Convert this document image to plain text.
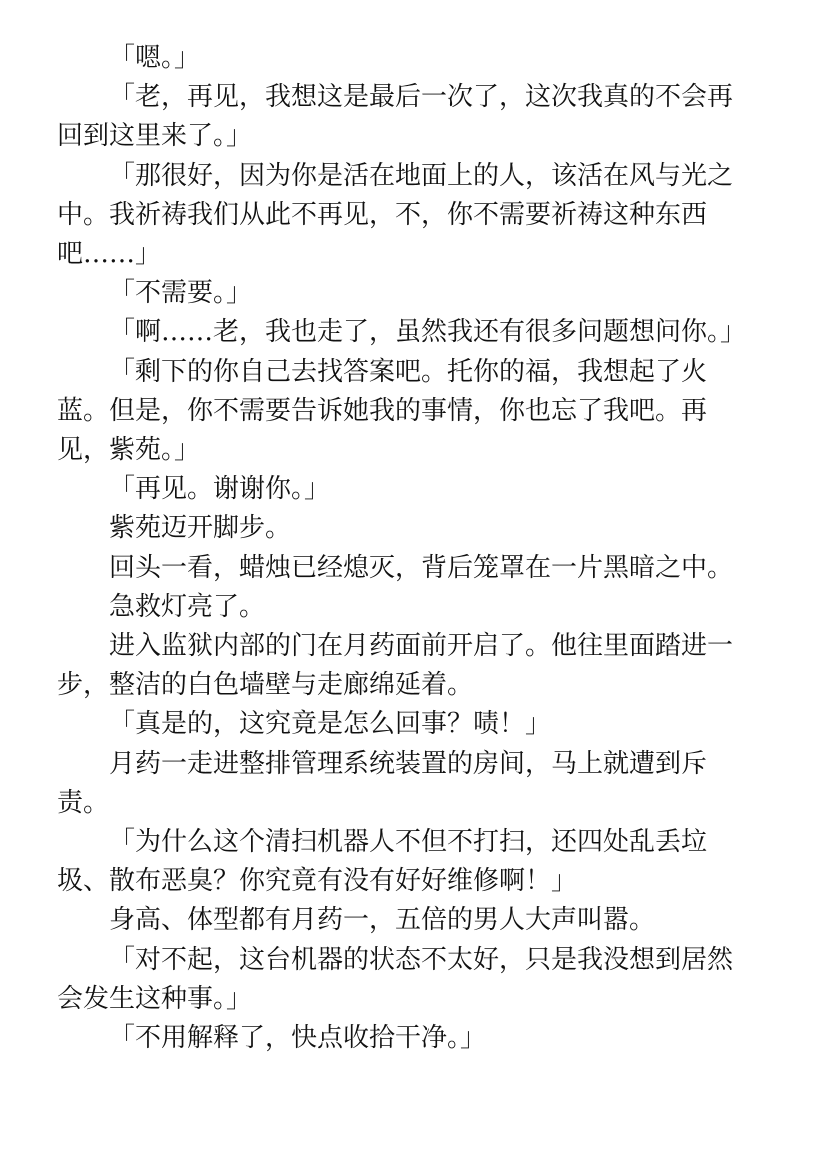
「嗯。」

「老，再见，我想这是最后一次了，这次我真的不会再回到这里来了。」

「那很好，因为你是活在地面上的人，该活在风与光之中。我祈祷我们从此不再见，不，你不需要祈祷这种东西吧……」

「不需要。」

「啊……老，我也走了，虽然我还有很多问题想问你。」

「剩下的你自己去找答案吧。托你的福，我想起了火蓝。但是，你不需要告诉她我的事情，你也忘了我吧。再见，紫苑。」

「再见。谢谢你。」

紫苑迈开脚步。

回头一看，蜡烛已经熄灭，背后笼罩在一片黑暗之中。

急救灯亮了。

进入监狱内部的门在月药面前开启了。他往里面踏进一步，整洁的白色墙壁与走廊绵延着。

「真是的，这究竟是怎么回事？啧！」

月药一走进整排管理系统装置的房间，马上就遭到斥责。

「为什么这个清扫机器人不但不打扫，还四处乱丢垃圾、散布恶臭？你究竟有没有好好维修啊！」

身高、体型都有月药一，五倍的男人大声叫嚣。

「对不起，这台机器的状态不太好，只是我没想到居然会发生这种事。」

「不用解释了，快点收拾干净。」
